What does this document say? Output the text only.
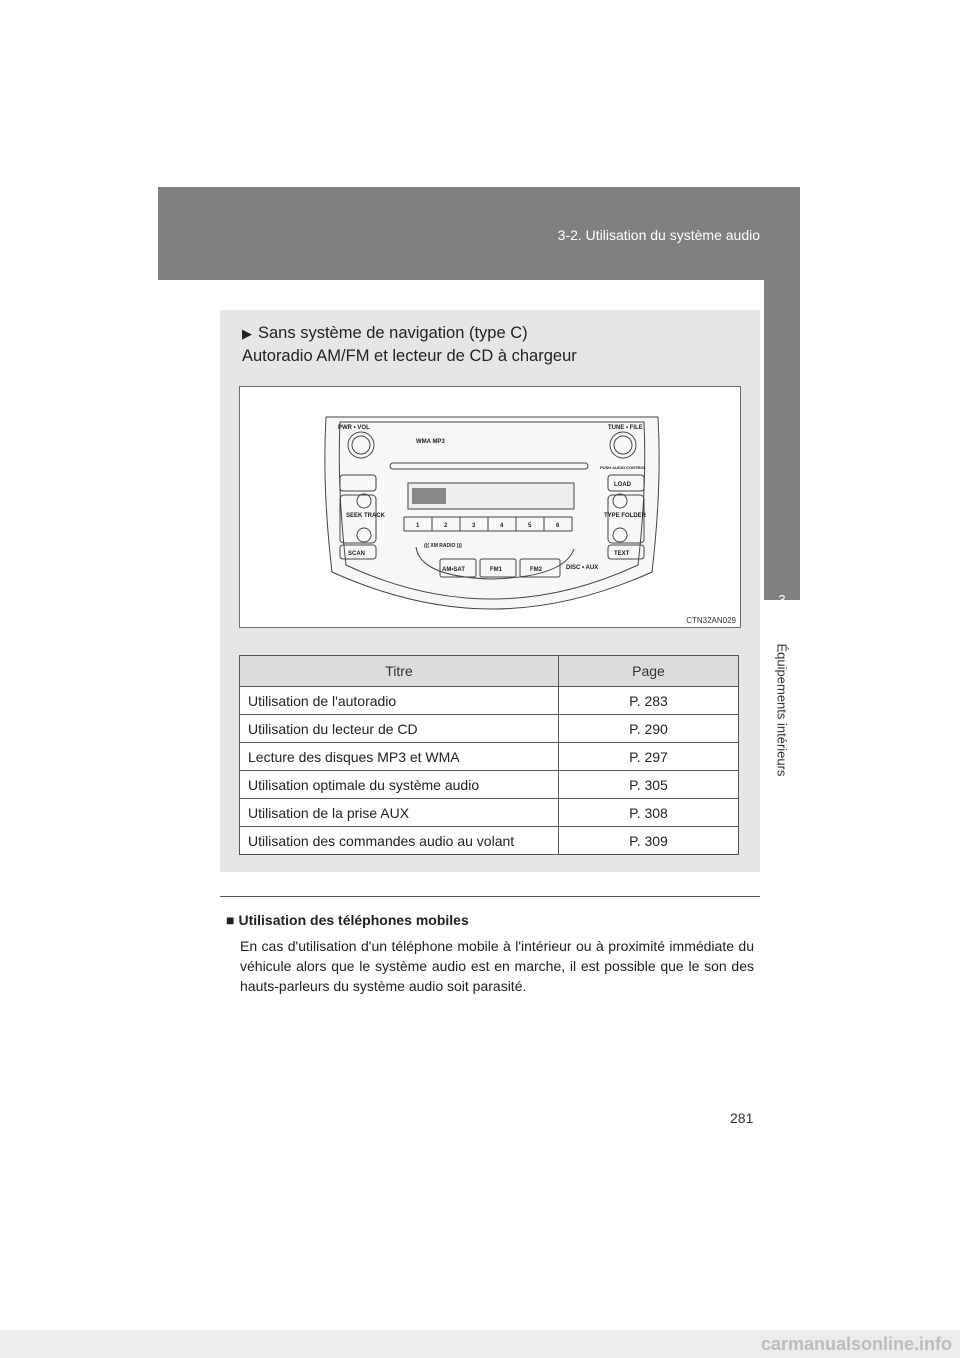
3-2. Utilisation du système audio
3
Équipements intérieurs
▶ Sans système de navigation (type C)
Autoradio AM/FM et lecteur de CD à chargeur
PWR • VOL	TUNE • FILE
WMA MP3
PUSH AUDIO CONTROL
LOAD
SEEK TRACK	TYPE FOLDER
SCAN	TEXT
((( XM RADIO )))
AM•SAT	FM1	FM2	DISC • AUX
1	2	3	4	5	6
CTN32AN029
Titre	Page
Utilisation de l'autoradio	P. 283
Utilisation du lecteur de CD	P. 290
Lecture des disques MP3 et WMA	P. 297
Utilisation optimale du système audio	P. 305
Utilisation de la prise AUX	P. 308
Utilisation des commandes audio au volant	P. 309
■ Utilisation des téléphones mobiles
En cas d'utilisation d'un téléphone mobile à l'intérieur ou à proximité immédiate du véhicule alors que le système audio est en marche, il est possible que le son des hauts-parleurs du système audio soit parasité.
281
carmanualsonline.info
